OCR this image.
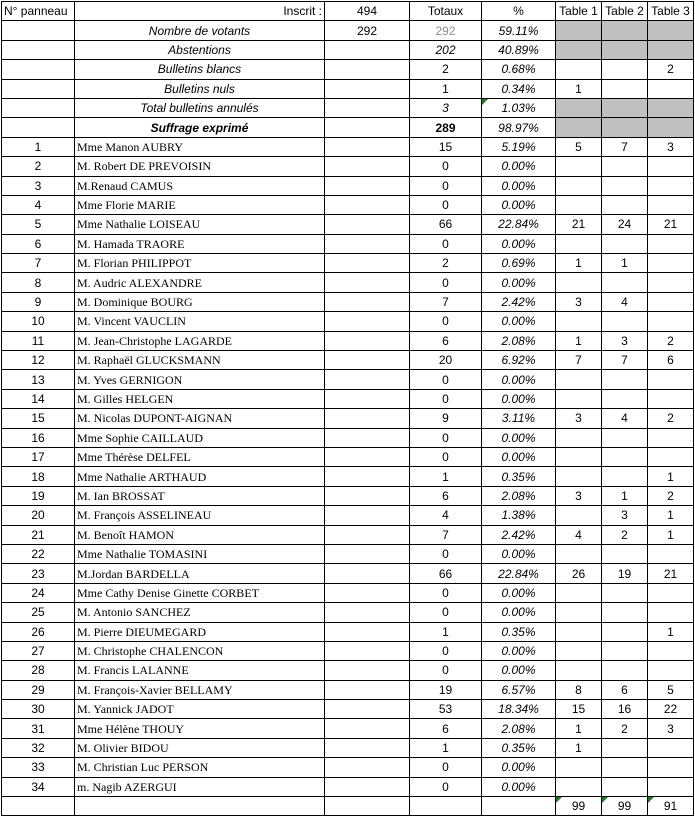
N° panneau	Inscrit :	494	Totaux	%	Table 1	Table 2	Table 3
	Nombre de votants	292	292	59.11%			
	Abstentions		202	40.89%			
	Bulletins blancs		2	0.68%			2
	Bulletins nuls		1	0.34%	1		
	Total bulletins annulés		3	1.03%			
	Suffrage exprimé		289	98.97%			
1	Mme Manon AUBRY		15	5.19%	5	7	3
2	M. Robert DE PREVOISIN		0	0.00%			
3	M.Renaud CAMUS		0	0.00%			
4	Mme Florie MARIE		0	0.00%			
5	Mme Nathalie LOISEAU		66	22.84%	21	24	21
6	M. Hamada TRAORE		0	0.00%			
7	M. Florian PHILIPPOT		2	0.69%	1	1	
8	M. Audric ALEXANDRE		0	0.00%			
9	M. Dominique BOURG		7	2.42%	3	4	
10	M. Vincent VAUCLIN		0	0.00%			
11	M. Jean-Christophe LAGARDE		6	2.08%	1	3	2
12	M. Raphaël GLUCKSMANN		20	6.92%	7	7	6
13	M. Yves GERNIGON		0	0.00%			
14	M. Gilles HELGEN		0	0.00%			
15	M. Nicolas DUPONT-AIGNAN		9	3.11%	3	4	2
16	Mme Sophie CAILLAUD		0	0.00%			
17	Mme Thérèse DELFEL		0	0.00%			
18	Mme Nathalie ARTHAUD		1	0.35%			1
19	M. Ian BROSSAT		6	2.08%	3	1	2
20	M. François ASSELINEAU		4	1.38%		3	1
21	M. Benoît HAMON		7	2.42%	4	2	1
22	Mme Nathalie TOMASINI		0	0.00%			
23	M.Jordan BARDELLA		66	22.84%	26	19	21
24	Mme Cathy Denise Ginette CORBET		0	0.00%			
25	M. Antonio SANCHEZ		0	0.00%			
26	M. Pierre DIEUMEGARD		1	0.35%			1
27	M. Christophe CHALENCON		0	0.00%			
28	M. Francis LALANNE		0	0.00%			
29	M. François-Xavier BELLAMY		19	6.57%	8	6	5
30	M. Yannick JADOT		53	18.34%	15	16	22
31	Mme Hélène THOUY		6	2.08%	1	2	3
32	M. Olivier BIDOU		1	0.35%	1		
33	M. Christian Luc PERSON		0	0.00%			
34	m. Nagib AZERGUI		0	0.00%			
					99	99	91
